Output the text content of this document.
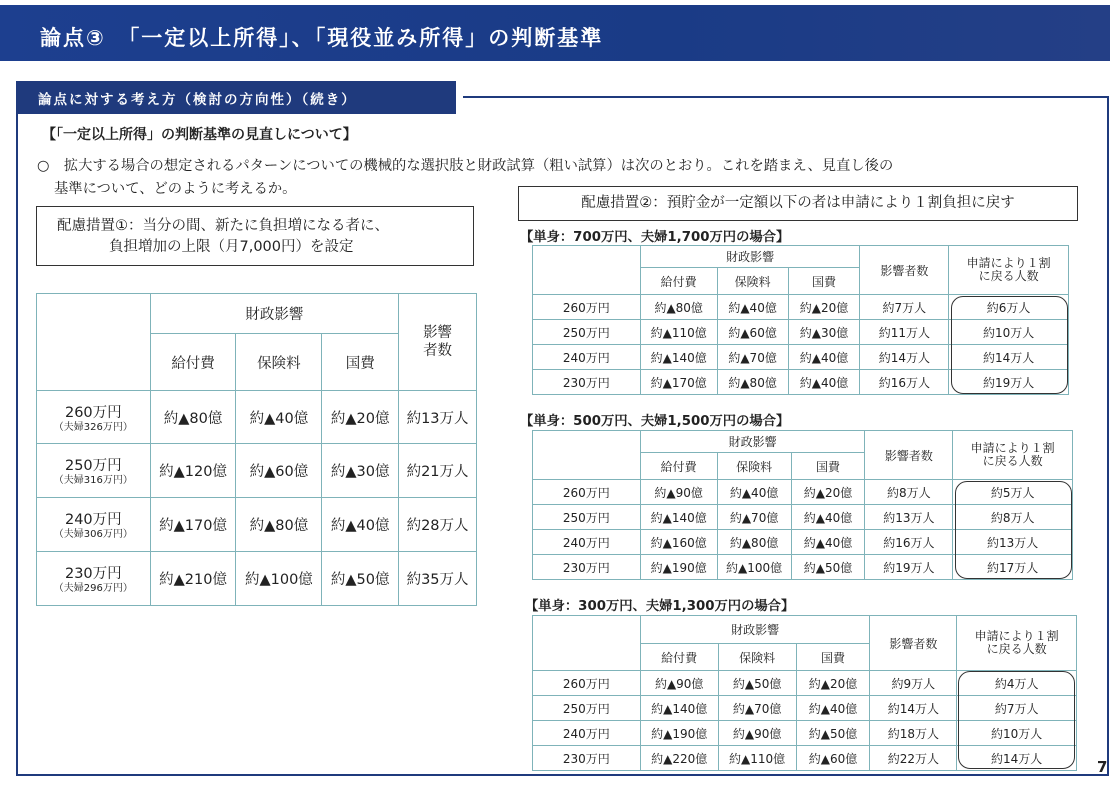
論点③　「一定以上所得」、「現役並み所得」の判断基準
論点に対する考え方（検討の方向性）（続き）
【「一定以上所得」の判断基準の見直しについて】
○　拡大する場合の想定されるパターンについての機械的な選択肢と財政試算（粗い試算）は次のとおり。これを踏まえ、見直し後の
基準について、どのように考えるか。
配慮措置①：当分の間、新たに負担増になる者に、
負担増加の上限（月7,000円）を設定
配慮措置②：預貯金が一定額以下の者は申請により１割負担に戻す
	財政影響			影響
者数
	給付費	保険料	国費	
260万円
（夫婦326万円）	約▲80億	約▲40億	約▲20億	約13万人
250万円
（夫婦316万円）	約▲120億	約▲60億	約▲30億	約21万人
240万円
（夫婦306万円）	約▲170億	約▲80億	約▲40億	約28万人
230万円
（夫婦296万円）	約▲210億	約▲100億	約▲50億	約35万人
【単身：700万円、夫婦1,700万円の場合】
	財政影響			影響者数	申請により１割
に戻る人数
	給付費	保険料	国費		
260万円	約▲80億	約▲40億	約▲20億	約7万人	約6万人
250万円	約▲110億	約▲60億	約▲30億	約11万人	約10万人
240万円	約▲140億	約▲70億	約▲40億	約14万人	約14万人
230万円	約▲170億	約▲80億	約▲40億	約16万人	約19万人
【単身：500万円、夫婦1,500万円の場合】
	財政影響			影響者数	申請により１割
に戻る人数
	給付費	保険料	国費		
260万円	約▲90億	約▲40億	約▲20億	約8万人	約5万人
250万円	約▲140億	約▲70億	約▲40億	約13万人	約8万人
240万円	約▲160億	約▲80億	約▲40億	約16万人	約13万人
230万円	約▲190億	約▲100億	約▲50億	約19万人	約17万人
【単身：300万円、夫婦1,300万円の場合】
	財政影響			影響者数	申請により１割
に戻る人数
	給付費	保険料	国費		
260万円	約▲90億	約▲50億	約▲20億	約9万人	約4万人
250万円	約▲140億	約▲70億	約▲40億	約14万人	約7万人
240万円	約▲190億	約▲90億	約▲50億	約18万人	約10万人
230万円	約▲220億	約▲110億	約▲60億	約22万人	約14万人	7
